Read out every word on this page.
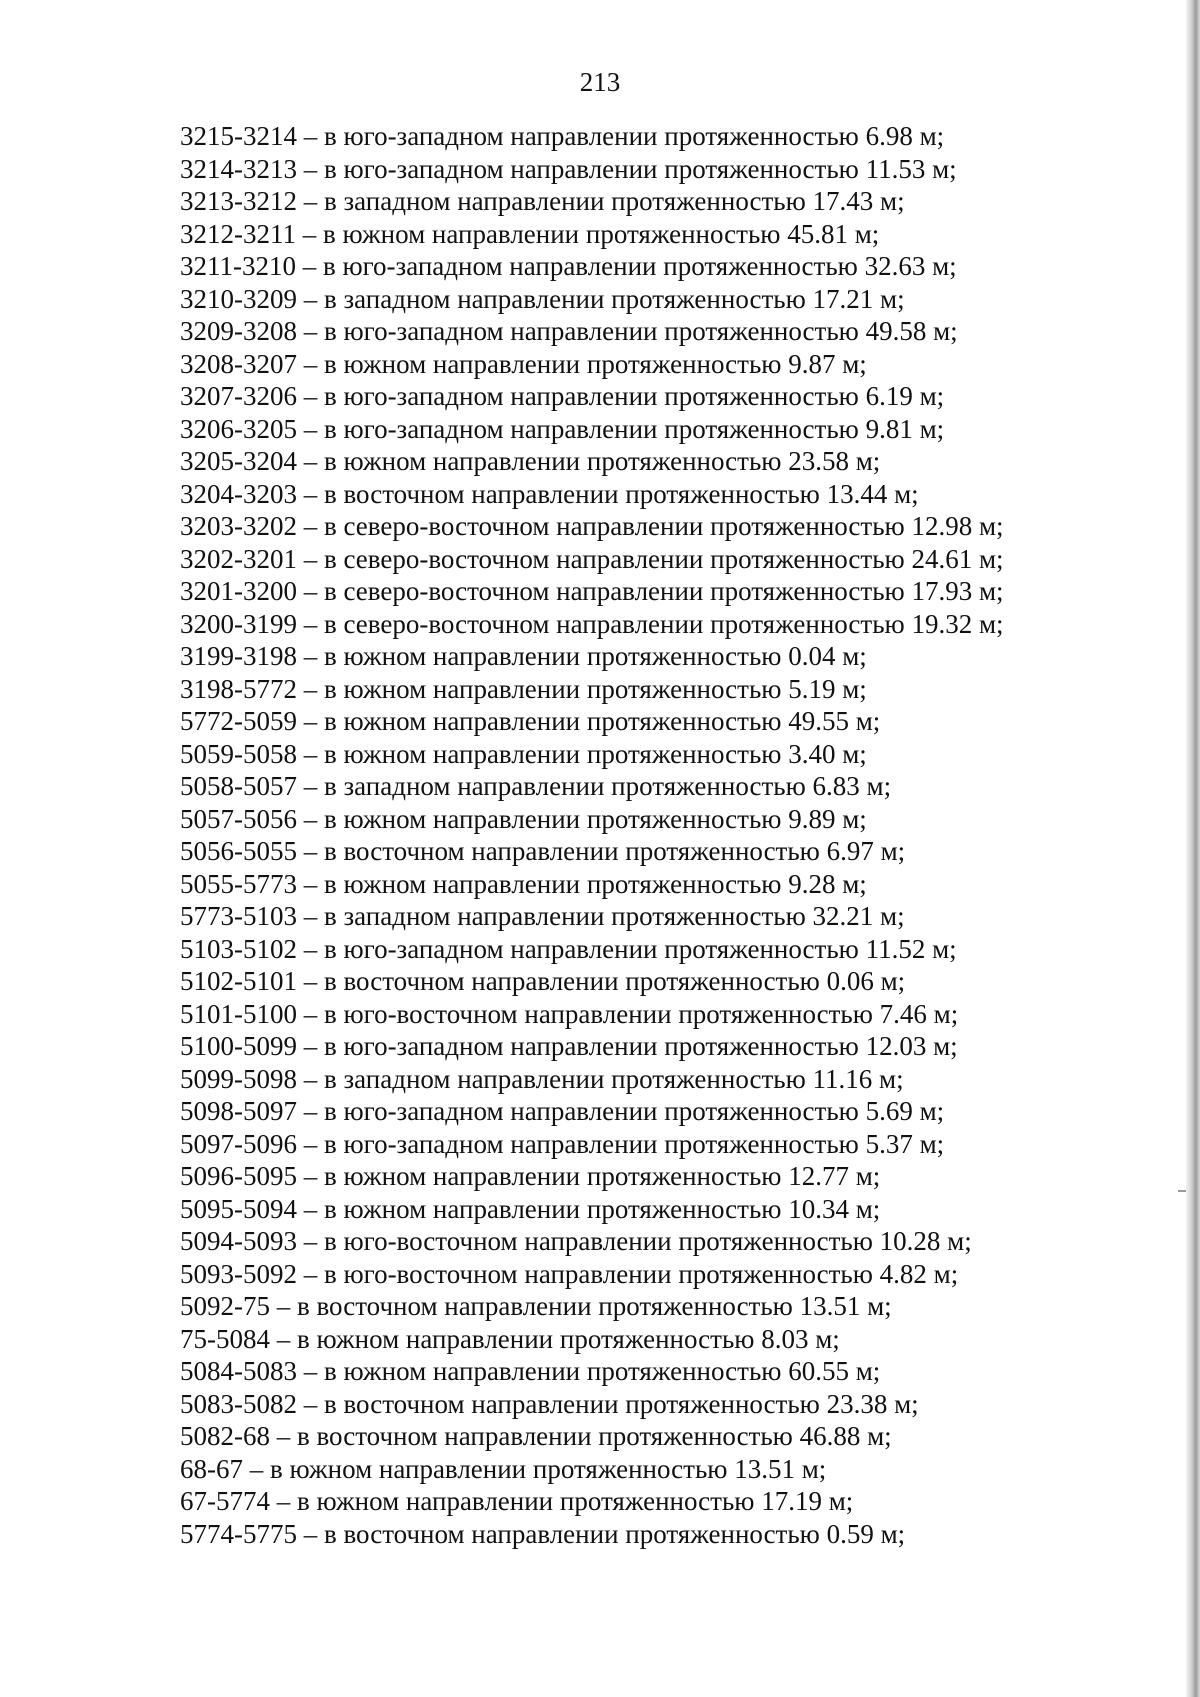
213
3215-3214 – в юго-западном направлении протяженностью 6.98 м;
3214-3213 – в юго-западном направлении протяженностью 11.53 м;
3213-3212 – в западном направлении протяженностью 17.43 м;
3212-3211 – в южном направлении протяженностью 45.81 м;
3211-3210 – в юго-западном направлении протяженностью 32.63 м;
3210-3209 – в западном направлении протяженностью 17.21 м;
3209-3208 – в юго-западном направлении протяженностью 49.58 м;
3208-3207 – в южном направлении протяженностью 9.87 м;
3207-3206 – в юго-западном направлении протяженностью 6.19 м;
3206-3205 – в юго-западном направлении протяженностью 9.81 м;
3205-3204 – в южном направлении протяженностью 23.58 м;
3204-3203 – в восточном направлении протяженностью 13.44 м;
3203-3202 – в северо-восточном направлении протяженностью 12.98 м;
3202-3201 – в северо-восточном направлении протяженностью 24.61 м;
3201-3200 – в северо-восточном направлении протяженностью 17.93 м;
3200-3199 – в северо-восточном направлении протяженностью 19.32 м;
3199-3198 – в южном направлении протяженностью 0.04 м;
3198-5772 – в южном направлении протяженностью 5.19 м;
5772-5059 – в южном направлении протяженностью 49.55 м;
5059-5058 – в южном направлении протяженностью 3.40 м;
5058-5057 – в западном направлении протяженностью 6.83 м;
5057-5056 – в южном направлении протяженностью 9.89 м;
5056-5055 – в восточном направлении протяженностью 6.97 м;
5055-5773 – в южном направлении протяженностью 9.28 м;
5773-5103 – в западном направлении протяженностью 32.21 м;
5103-5102 – в юго-западном направлении протяженностью 11.52 м;
5102-5101 – в восточном направлении протяженностью 0.06 м;
5101-5100 – в юго-восточном направлении протяженностью 7.46 м;
5100-5099 – в юго-западном направлении протяженностью 12.03 м;
5099-5098 – в западном направлении протяженностью 11.16 м;
5098-5097 – в юго-западном направлении протяженностью 5.69 м;
5097-5096 – в юго-западном направлении протяженностью 5.37 м;
5096-5095 – в южном направлении протяженностью 12.77 м;
5095-5094 – в южном направлении протяженностью 10.34 м;
5094-5093 – в юго-восточном направлении протяженностью 10.28 м;
5093-5092 – в юго-восточном направлении протяженностью 4.82 м;
5092-75 – в восточном направлении протяженностью 13.51 м;
75-5084 – в южном направлении протяженностью 8.03 м;
5084-5083 – в южном направлении протяженностью 60.55 м;
5083-5082 – в восточном направлении протяженностью 23.38 м;
5082-68 – в восточном направлении протяженностью 46.88 м;
68-67 – в южном направлении протяженностью 13.51 м;
67-5774 – в южном направлении протяженностью 17.19 м;
5774-5775 – в восточном направлении протяженностью 0.59 м;
